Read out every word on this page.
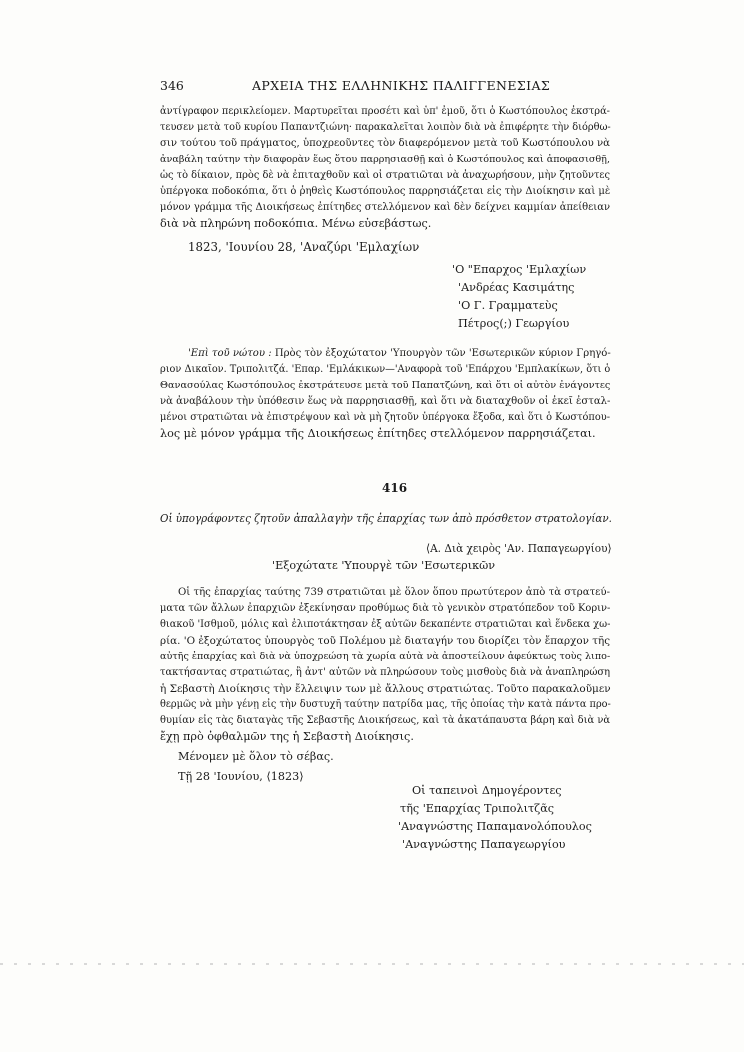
346	ΑΡΧΕΙΑ ΤΗΣ ΕΛΛΗΝΙΚΗΣ ΠΑΛΙΓΓΕΝΕΣΙΑΣ
ἀντίγραφον περικλείομεν. Μαρτυρεῖται προσέτι καὶ ὑπ' ἐμοῦ, ὅτι ὁ Κωστόπουλος ἐκστρά-
τευσεν μετὰ τοῦ κυρίου Παπαντζιώνη· παρακαλεῖται λοιπὸν διὰ νὰ ἐπιφέρητε τὴν διόρθω-
σιν τούτου τοῦ πράγματος, ὑποχρεοῦντες τὸν διαφερόμενον μετὰ τοῦ Κωστόπουλου νὰ
ἀναβάλη ταύτην τὴν διαφορὰν ἕως ὅτου παρρησιασθῇ καὶ ὁ Κωστόπουλος καὶ ἀποφασισθῇ,
ὡς τὸ δίκαιον, πρὸς δὲ νὰ ἐπιταχθοῦν καὶ οἱ στρατιῶται νὰ ἀναχωρήσουν, μὴν ζητοῦντες
ὑπέργοκα ποδοκόπια, ὅτι ὁ ῥηθεὶς Κωστόπουλος παρρησιάζεται εἰς τὴν Διοίκησιν καὶ μὲ
μόνον γράμμα τῆς Διοικήσεως ἐπίτηδες στελλόμενον καὶ δὲν δείχνει καμμίαν ἀπείθειαν
διὰ νὰ πληρώνη ποδοκόπια. Μένω εὐσεβάστως.
1823, 'Ιουνίου 28, 'Αναζύρι 'Εμλαχίων
'Ο "Επαρχος 'Εμλαχίων
'Ανδρέας Κασιμάτης
'Ο Γ. Γραμματεὺς
Πέτρος(;) Γεωργίου
'Επὶ τοῦ νώτου : Πρὸς τὸν ἐξοχώτατον 'Υπουργὸν τῶν 'Εσωτερικῶν κύριον Γρηγό-
ριον Δικαῖον. Τριπολιτζά. 'Επαρ. 'Εμλάκικων—'Αναφορὰ τοῦ 'Επάρχου 'Εμπλακίκων, ὅτι ὁ
Θανασούλας Κωστόπουλος ἐκστράτευσε μετὰ τοῦ Παπατζώνη, καὶ ὅτι οἱ αὐτὸν ἐνάγοντες
νὰ ἀναβάλουν τὴν ὑπόθεσιν ἕως νὰ παρρησιασθῇ, καὶ ὅτι νὰ διαταχθοῦν οἱ ἐκεῖ ἐσταλ-
μένοι στρατιῶται νὰ ἐπιστρέψουν καὶ νὰ μὴ ζητοῦν ὑπέργοκα ἔξοδα, καὶ ὅτι ὁ Κωστόπου-
λος μὲ μόνον γράμμα τῆς Διοικήσεως ἐπίτηδες στελλόμενον παρρησιάζεται.
416
Οἱ ὑπογράφοντες ζητοῦν ἀπαλλαγὴν τῆς ἐπαρχίας των ἀπὸ πρόσθετον στρατολογίαν.
⟨Α. Διὰ χειρὸς 'Αν. Παπαγεωργίου⟩
'Εξοχώτατε 'Υπουργὲ τῶν 'Εσωτερικῶν
Οἱ τῆς ἐπαρχίας ταύτης 739 στρατιῶται μὲ ὅλον ὅπου πρωτύτερον ἀπὸ τὰ στρατεύ-
ματα τῶν ἄλλων ἐπαρχιῶν ἐξεκίνησαν προθύμως διὰ τὸ γενικὸν στρατόπεδον τοῦ Κοριν-
θιακοῦ 'Ισθμοῦ, μόλις καὶ ἐλιποτάκτησαν ἐξ αὐτῶν δεκαπέντε στρατιῶται καὶ ἕνδεκα χω-
ρία. 'Ο ἐξοχώτατος ὑπουργὸς τοῦ Πολέμου μὲ διαταγήν του διορίζει τὸν ἔπαρχον τῆς
αὐτῆς ἐπαρχίας καὶ διὰ νὰ ὑποχρεώση τὰ χωρία αὐτὰ νὰ ἀποστείλουν ἀφεύκτως τοὺς λιπο-
τακτήσαντας στρατιώτας, ἢ ἀντ' αὐτῶν νὰ πληρώσουν τοὺς μισθοὺς διὰ νὰ ἀναπληρώση
ἡ Σεβαστὴ Διοίκησις τὴν ἔλλειψιν των μὲ ἄλλους στρατιώτας. Τοῦτο παρακαλοῦμεν
θερμῶς νὰ μὴν γένῃ εἰς τὴν δυστυχῆ ταύτην πατρίδα μας, τῆς ὁποίας τὴν κατὰ πάντα προ-
θυμίαν εἰς τὰς διαταγὰς τῆς Σεβαστῆς Διοικήσεως, καὶ τὰ ἀκατάπαυστα βάρη καὶ διὰ νὰ
ἔχῃ πρὸ ὀφθαλμῶν της ἡ Σεβαστὴ Διοίκησις.
Μένομεν μὲ ὅλον τὸ σέβας.
Τῇ 28 'Ιουνίου, ⟨1823⟩
Οἱ ταπεινοὶ Δημογέροντες
τῆς 'Επαρχίας Τριπολιτζᾶς
'Αναγνώστης Παπαμανολόπουλος
'Αναγνώστης Παπαγεωργίου
